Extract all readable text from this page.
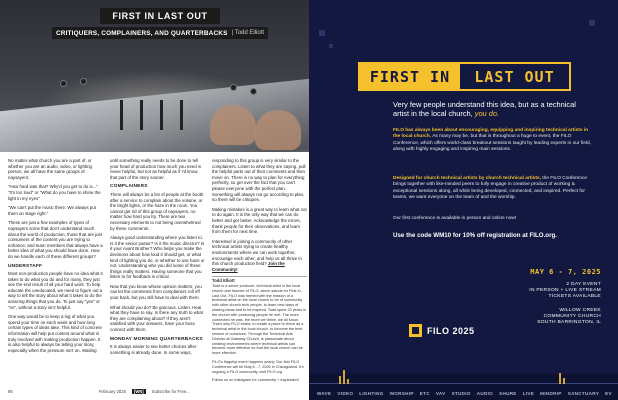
FIRST IN LAST OUT
CRITIQUERS, COMPLAINERS, AND QUARTERBACKS | Todd Elliott

No matter what church you are a part of, or whether you are an audio, video, or lighting person, we all have the same groups of naysayers:

"How hard was that? Why'd you get to do is..." "It's too loud" or "What do you have to shine the light in my eyes"

"We can't put the music there. We always put them on stage right."

These are just a few examples of types of naysayers some that don't understand much about the world of production; those that are just consumers of the content you are trying to enhance; and team members that always have a better idea of what you should have done. How do we handle each of these different groups?

UNDERSTAFF

Most non-production people have no idea what it takes to do what you do and for many, they just see the end result of all your hard work. To help educate the uneducated, we need to figure out a way to tell the story about what it takes to do the amazing things that you do. To just say "yes" or "no", without a story isn't helpful.

One way would be to keep a log of what you spend your time on each week and how long certain types of ideas take. This kind of concrete information will help put context around what is truly involved with making production happen. It is also helpful to always be telling your story, especially when the pressure isn't on. Waiting

until something really needs to be done to tell your head of production how much you need is never helpful, but not as helpful as if I'd know that part of the story sooner.

COMPLAINERS

There will always be a list of people at the booth after a service to complain about the volume, or the bright lights, or the haze in the room. You cannot get rid of this group of naysayers, no matter how hard you try. There are two necessary elements to not being overwhelmed by these comments.

Always good understanding where you listen to. Is it the senior pastor? Is it the music director? Is it your Avant Brother? Who helps you make the decisions about how loud it should get, or what kind of lighting you do, or whether to use haze or not. Understanding who you did some of these things really matters. Having someone that you listen to for feedback is critical.

Now that you know whose opinion matters, you can let the comments from complainers roll off your back, but you still have to deal with them.

What should you do? Be gracious. Listen. Hear what they have to say. Is there any truth to what they are complaining about? If they aren't satisfied with your answers, have your boss connect with them.

MONDAY MORNING QUARTERBACKS

It is always easier to see better choices after something is already done. In some ways,

responding to this group is very similar to the complainers. Listen to what they are saying, pull the helpful parts out of their comments and then move on. There is no way to plan for everything perfectly, so get over the fact that you can't please everyone with the perfect plan. Something will always not go according to plan, so there will be critiques.

Making mistakes is a great way to learn what not to do again. It is the only way that we can do better and get better. Acknowledge the errors, thank people for their observations, and learn from them for next time.

Interested in joining a community of other technical artists trying to create healthy environments where we can work together, encourage each other, and help us all thrive in this church production field? Join the Community!

Todd Elliott

Todd is a senior producer, technical artist in the local church and founder of FILO, which stands for First In, Last Out. FILO was formed with the mission of a technical artist on the local church to be of community with other church tech people, to learn new ways of sharing ideas and to be inspired. Todd spent 20 years in the church with producing people he met. The more connected he was, the more we thrive, we all know. That's why FILO exists; to create a place to thrive as a technical artist in the local church, to become the best version of ourselves. Through the Technical Arts Director at Gateway Church, is passionate about creating environments where technical artists can become more effective so that the local church can be more effective.

FILO's flagship event happens yearly. Our first FILO Conference will be May 6 - 7, 2025 in Chicagoland. It's ongoing a FILO community, visit FILO.org

Follow us on Instagram for community + inspiration!

86	February 2025	[WN]	Subscribe for Free...
FIRST IN	LAST OUT
Very few people understand this idea, but as a technical artist in the local church, you do.
FILO has always been about encouraging, equipping and inspiring technical artists in the local church. As many may be, but that is throughout a huge to event, the FILO Conference, which offers world-class breakout sessions taught by leading experts in our field, along with highly engaging and inspiring main sessions.
Designed for church technical artists by church technical artists, the FILO Conference brings together with like-minded peers to fully engage in creative product of working & exceptional sessions along, all while being developed, connected, and inspired. Perfect for teams, we want everyone on the team of and the worship.
Our first conference is available in person and online now!
Use the code WM10 for 10% off registration at FILO.org.
MAY 6 - 7, 2025
2 DAY EVENT
IN PERSON + LIVE STREAM
TICKETS AVAILABLE
WILLOW CREEK
COMMUNITY CHURCH
SOUTH BARRINGTON, IL
FILO 2025
WAVE VIDEO LIGHTING WORSHIP ETC VAV STUDIO AUDIO SHURE LIVE MINDRIP SANCTUARY EV
